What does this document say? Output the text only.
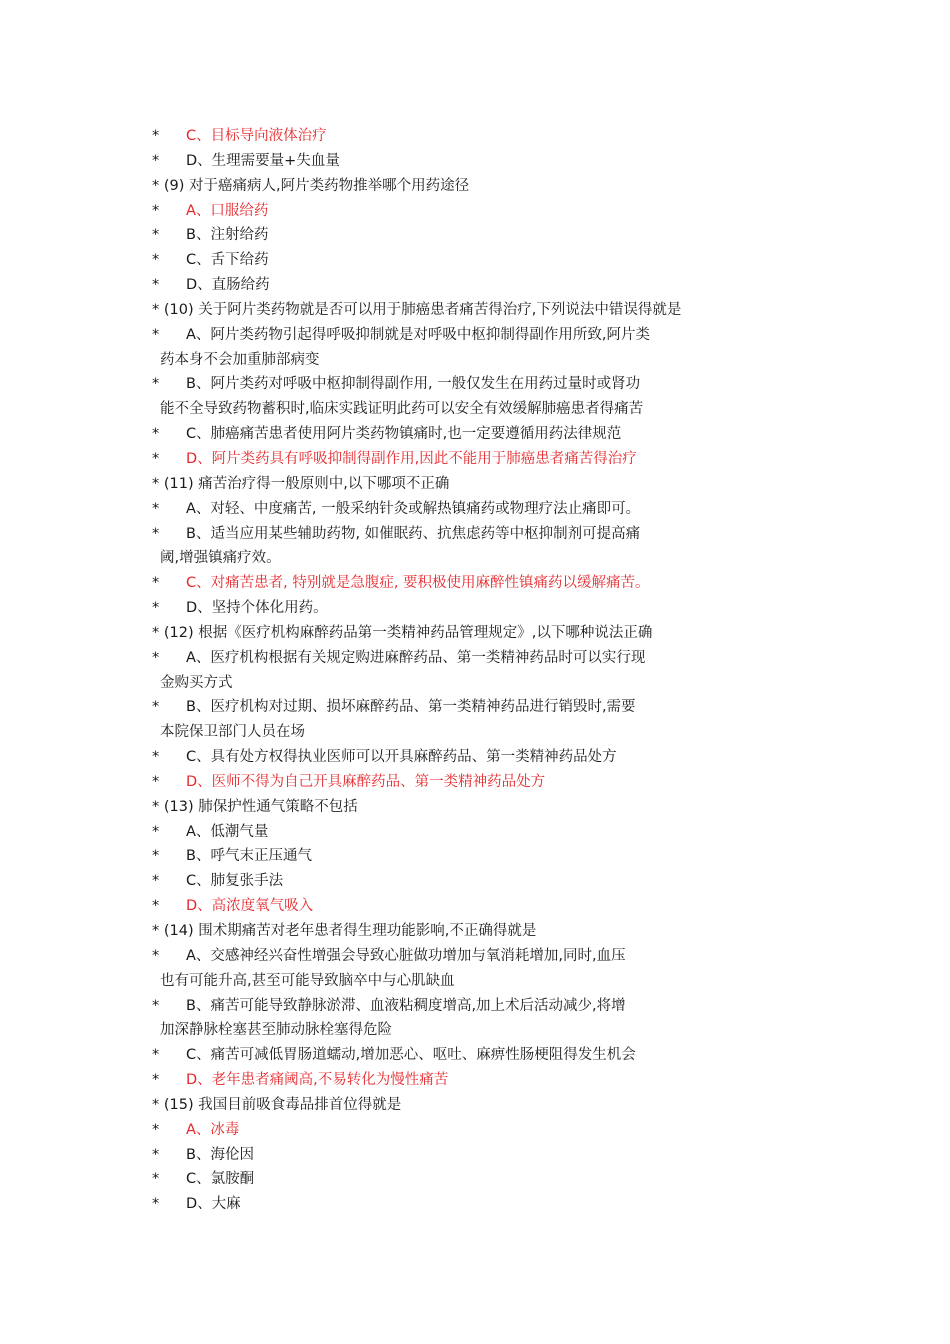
* C、目标导向液体治疗
* D、生理需要量+失血量
* (9) 对于癌痛病人,阿片类药物推举哪个用药途径
* A、口服给药
* B、注射给药
* C、舌下给药
* D、直肠给药
* (10) 关于阿片类药物就是否可以用于肺癌患者痛苦得治疗,下列说法中错误得就是
* A、阿片类药物引起得呼吸抑制就是对呼吸中枢抑制得副作用所致,阿片类
药本身不会加重肺部病变
* B、阿片类药对呼吸中枢抑制得副作用, 一般仅发生在用药过量时或肾功
能不全导致药物蓄积时,临床实践证明此药可以安全有效缓解肺癌患者得痛苦
* C、肺癌痛苦患者使用阿片类药物镇痛时,也一定要遵循用药法律规范
* D、阿片类药具有呼吸抑制得副作用,因此不能用于肺癌患者痛苦得治疗
* (11) 痛苦治疗得一般原则中,以下哪项不正确
* A、对轻、中度痛苦, 一般采纳针灸或解热镇痛药或物理疗法止痛即可。
* B、适当应用某些辅助药物, 如催眠药、抗焦虑药等中枢抑制剂可提高痛
阈,增强镇痛疗效。
* C、对痛苦患者, 特别就是急腹症, 要积极使用麻醉性镇痛药以缓解痛苦。
* D、坚持个体化用药。
* (12) 根据《医疗机构麻醉药品第一类精神药品管理规定》,以下哪种说法正确
* A、医疗机构根据有关规定购进麻醉药品、第一类精神药品时可以实行现
金购买方式
* B、医疗机构对过期、损坏麻醉药品、第一类精神药品进行销毁时,需要
本院保卫部门人员在场
* C、具有处方权得执业医师可以开具麻醉药品、第一类精神药品处方
* D、医师不得为自己开具麻醉药品、第一类精神药品处方
* (13) 肺保护性通气策略不包括
* A、低潮气量
* B、呼气末正压通气
* C、肺复张手法
* D、高浓度氧气吸入
* (14) 围术期痛苦对老年患者得生理功能影响,不正确得就是
* A、交感神经兴奋性增强会导致心脏做功增加与氧消耗增加,同时,血压
也有可能升高,甚至可能导致脑卒中与心肌缺血
* B、痛苦可能导致静脉淤滞、血液粘稠度增高,加上术后活动减少,将增
加深静脉栓塞甚至肺动脉栓塞得危险
* C、痛苦可减低胃肠道蠕动,增加恶心、呕吐、麻痹性肠梗阻得发生机会
* D、老年患者痛阈高,不易转化为慢性痛苦
* (15) 我国目前吸食毒品排首位得就是
* A、冰毒
* B、海伦因
* C、氯胺酮
* D、大麻
